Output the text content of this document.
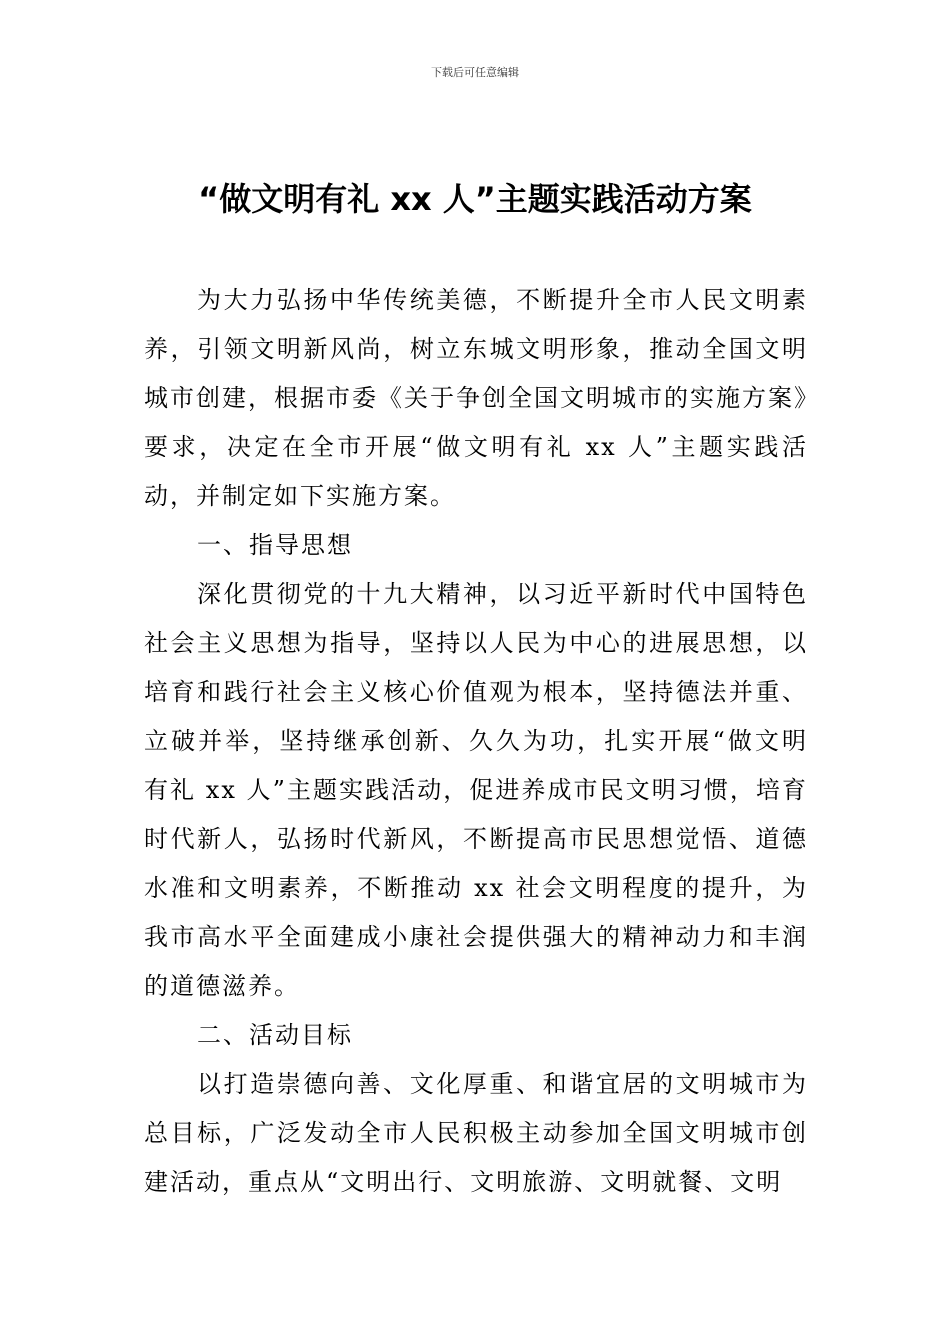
下载后可任意编辑
“做文明有礼 xx 人”主题实践活动方案

为大力弘扬中华传统美德，不断提升全市人民文明素养，引领文明新风尚，树立东城文明形象，推动全国文明城市创建，根据市委《关于争创全国文明城市的实施方案》要求，决定在全市开展“做文明有礼 xx 人”主题实践活动，并制定如下实施方案。

一、指导思想

深化贯彻党的十九大精神，以习近平新时代中国特色社会主义思想为指导，坚持以人民为中心的进展思想，以培育和践行社会主义核心价值观为根本，坚持德法并重、立破并举，坚持继承创新、久久为功，扎实开展“做文明有礼 xx 人”主题实践活动，促进养成市民文明习惯，培育时代新人，弘扬时代新风，不断提高市民思想觉悟、道德水准和文明素养，不断推动 xx 社会文明程度的提升，为我市高水平全面建成小康社会提供强大的精神动力和丰润的道德滋养。

二、活动目标

以打造崇德向善、文化厚重、和谐宜居的文明城市为总目标，广泛发动全市人民积极主动参加全国文明城市创建活动，重点从“文明出行、文明旅游、文明就餐、文明
